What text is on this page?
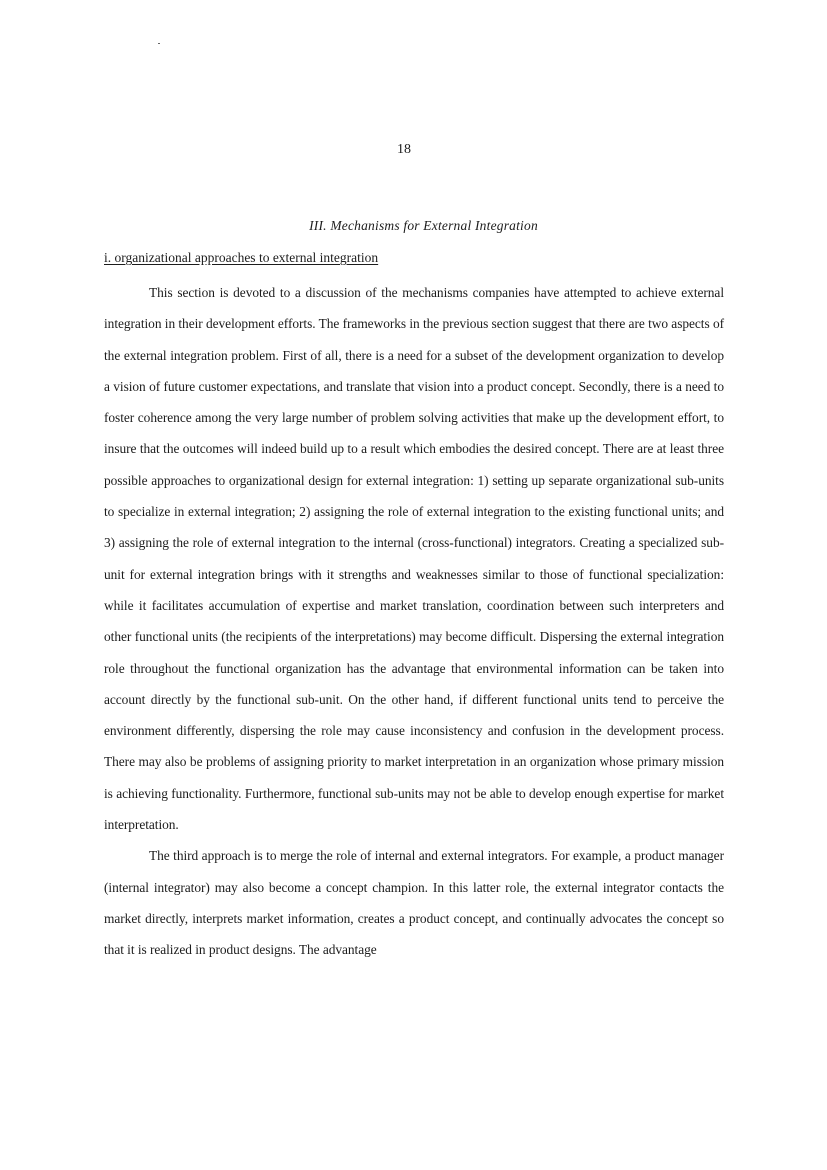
18
III. Mechanisms for External Integration
i. organizational approaches to external integration

This section is devoted to a discussion of the mechanisms companies have attempted to achieve external integration in their development efforts. The frameworks in the previous section suggest that there are two aspects of the external integration problem. First of all, there is a need for a subset of the development organization to develop a vision of future customer expectations, and translate that vision into a product concept. Secondly, there is a need to foster coherence among the very large number of problem solving activities that make up the development effort, to insure that the outcomes will indeed build up to a result which embodies the desired concept. There are at least three possible approaches to organizational design for external integration: 1) setting up separate organizational sub-units to specialize in external integration; 2) assigning the role of external integration to the existing functional units; and 3) assigning the role of external integration to the internal (cross-functional) integrators. Creating a specialized sub-unit for external integration brings with it strengths and weaknesses similar to those of functional specialization: while it facilitates accumulation of expertise and market translation, coordination between such interpreters and other functional units (the recipients of the interpretations) may become difficult. Dispersing the external integration role throughout the functional organization has the advantage that environmental information can be taken into account directly by the functional sub-unit. On the other hand, if different functional units tend to perceive the environment differently, dispersing the role may cause inconsistency and confusion in the development process. There may also be problems of assigning priority to market interpretation in an organization whose primary mission is achieving functionality. Furthermore, functional sub-units may not be able to develop enough expertise for market interpretation.

The third approach is to merge the role of internal and external integrators. For example, a product manager (internal integrator) may also become a concept champion. In this latter role, the external integrator contacts the market directly, interprets market information, creates a product concept, and continually advocates the concept so that it is realized in product designs. The advantage
